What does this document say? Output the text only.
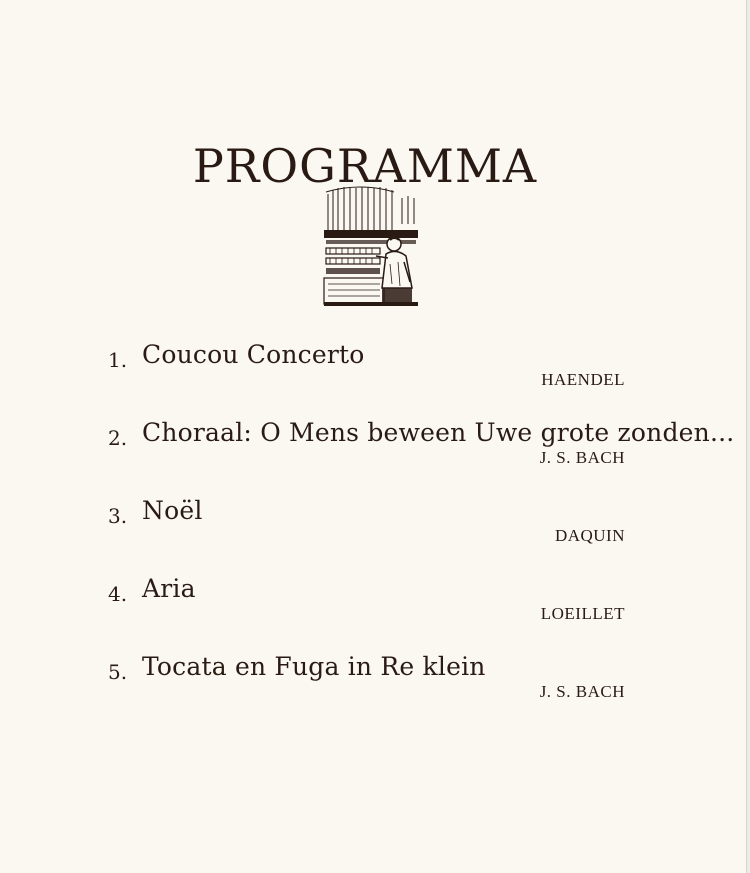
PROGRAMMA
1. Coucou Concerto
HAENDEL
2. Choraal: O Mens beween Uwe grote zonden...
J. S. BACH
3. Noël
DAQUIN
4. Aria
LOEILLET
5. Tocata en Fuga in Re klein
J. S. BACH
